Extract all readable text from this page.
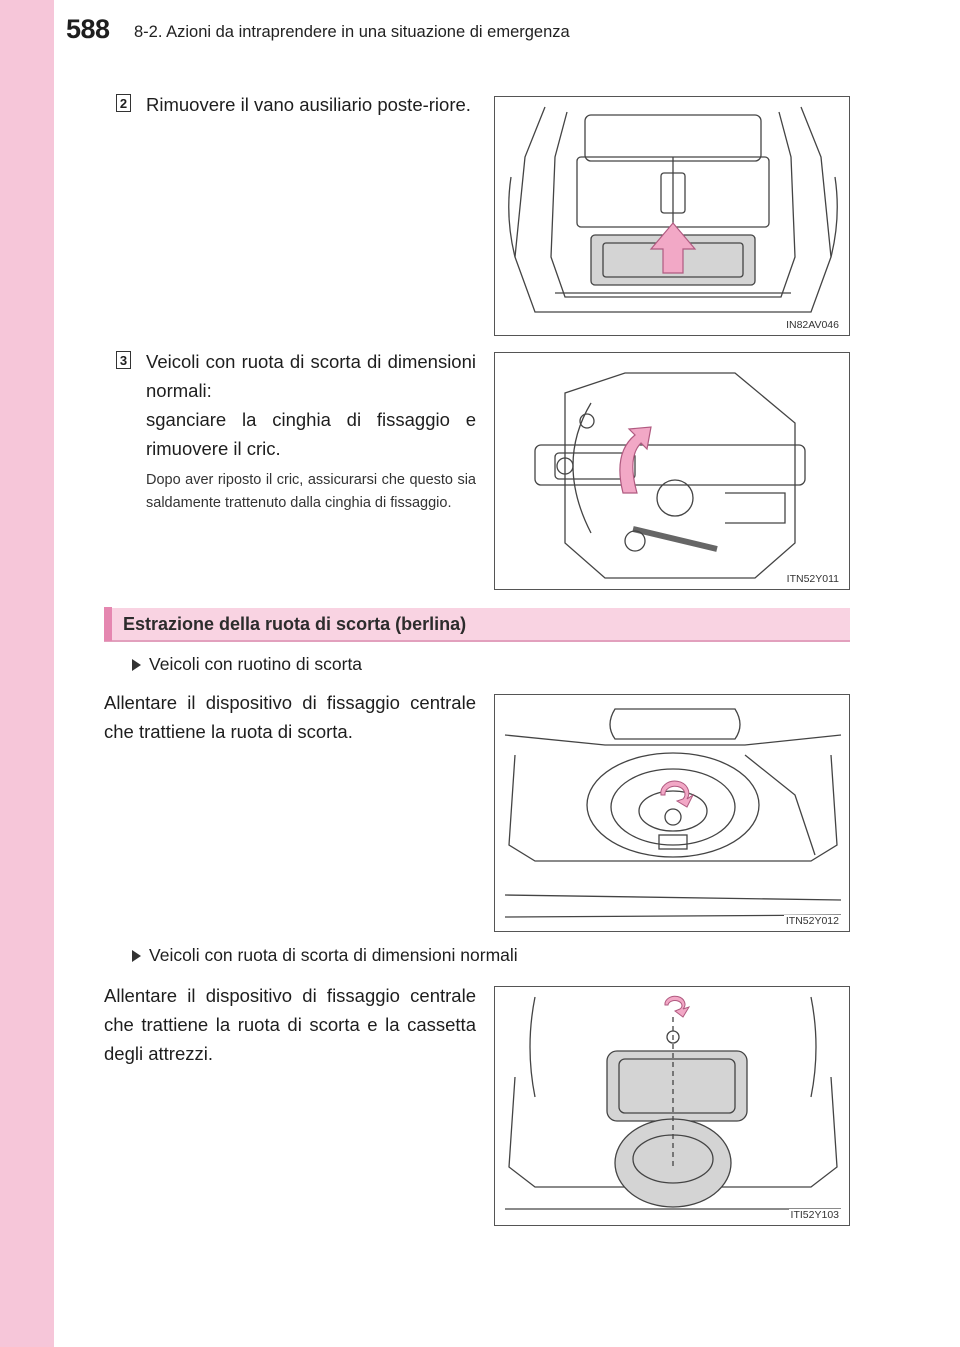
588 8-2. Azioni da intraprendere in una situazione di emergenza
2 Rimuovere il vano ausiliario poste-riore.
IN82AV046
3 Veicoli con ruota di scorta di dimensioni normali:
sganciare la cinghia di fissaggio e rimuovere il cric.
Dopo aver riposto il cric, assicurarsi che questo sia saldamente trattenuto dalla cinghia di fissaggio.
ITN52Y011
Estrazione della ruota di scorta (berlina)
Veicoli con ruotino di scorta
Allentare il dispositivo di fissaggio centrale che trattiene la ruota di scorta.
ITN52Y012
Veicoli con ruota di scorta di dimensioni normali
Allentare il dispositivo di fissaggio centrale che trattiene la ruota di scorta e la cassetta degli attrezzi.
ITI52Y103
